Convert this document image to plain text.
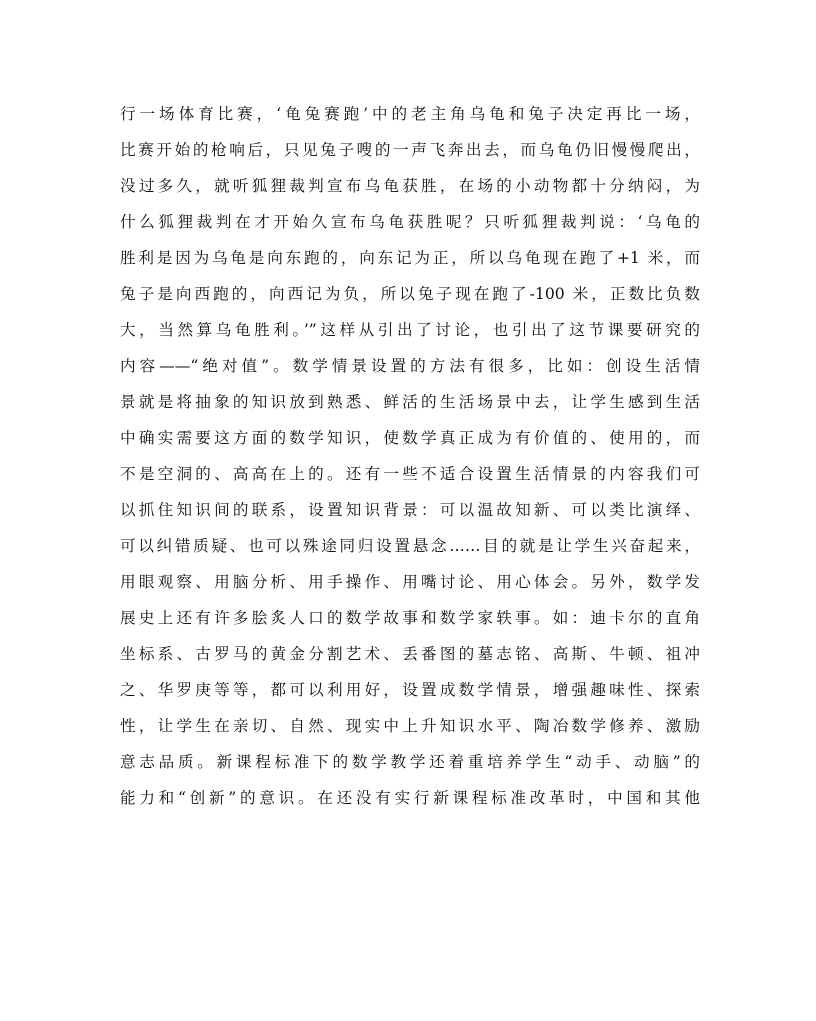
行一场体育比赛，‘龟兔赛跑’中的老主角乌龟和兔子决定再比一场，

比赛开始的枪响后，只见兔子嗖的一声飞奔出去，而乌龟仍旧慢慢爬出，

没过多久，就听狐狸裁判宣布乌龟获胜，在场的小动物都十分纳闷，为

什么狐狸裁判在才开始久宣布乌龟获胜呢？只听狐狸裁判说：‘乌龟的

胜利是因为乌龟是向东跑的，向东记为正，所以乌龟现在跑了+1 米，而

兔子是向西跑的，向西记为负，所以兔子现在跑了-100 米，正数比负数

大，当然算乌龟胜利。’”这样从引出了讨论，也引出了这节课要研究的

内容——“绝对值”。数学情景设置的方法有很多，比如：创设生活情

景就是将抽象的知识放到熟悉、鲜活的生活场景中去，让学生感到生活

中确实需要这方面的数学知识，使数学真正成为有价值的、使用的，而

不是空洞的、高高在上的。还有一些不适合设置生活情景的内容我们可

以抓住知识间的联系，设置知识背景：可以温故知新、可以类比演绎、

可以纠错质疑、也可以殊途同归设置悬念……目的就是让学生兴奋起来，

用眼观察、用脑分析、用手操作、用嘴讨论、用心体会。另外，数学发

展史上还有许多脍炙人口的数学故事和数学家轶事。如：迪卡尔的直角

坐标系、古罗马的黄金分割艺术、丢番图的墓志铭、高斯、牛顿、祖冲

之、华罗庚等等，都可以利用好，设置成数学情景，增强趣味性、探索

性，让学生在亲切、自然、现实中上升知识水平、陶冶数学修养、激励

意志品质。新课程标准下的数学教学还着重培养学生“动手、动脑”的

能力和“创新”的意识。在还没有实行新课程标准改革时，中国和其他
